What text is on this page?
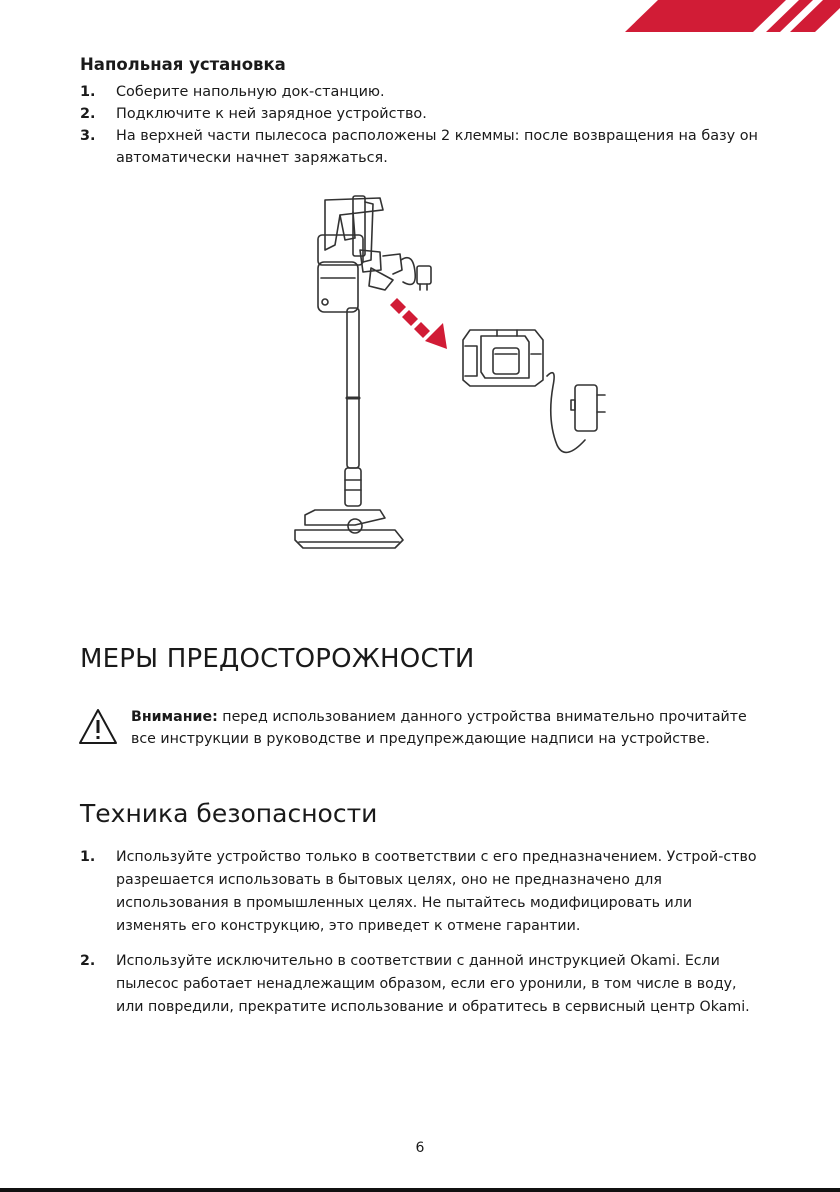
Напольная установка
1. Соберите напольную док-станцию.
2. Подключите к ней зарядное устройство.
3. На верхней части пылесоса расположены 2 клеммы: после возвращения на базу он автоматически начнет заряжаться.
МЕРЫ ПРЕДОСТОРОЖНОСТИ

Внимание: перед использованием данного устройства внимательно прочитайте все инструкции в руководстве и предупреждающие надписи на устройстве.

Техника безопасности
1. Используйте устройство только в соответствии с его предназначением. Устрой-ство разрешается использовать в бытовых целях, оно не предназначено для использования в промышленных целях. Не пытайтесь модифицировать или изменять его конструкцию, это приведет к отмене гарантии.
2. Используйте исключительно в соответствии с данной инструкцией Okami. Если пылесос работает ненадлежащим образом, если его уронили, в том числе в воду, или повредили, прекратите использование и обратитесь в сервисный центр Okami.
6
